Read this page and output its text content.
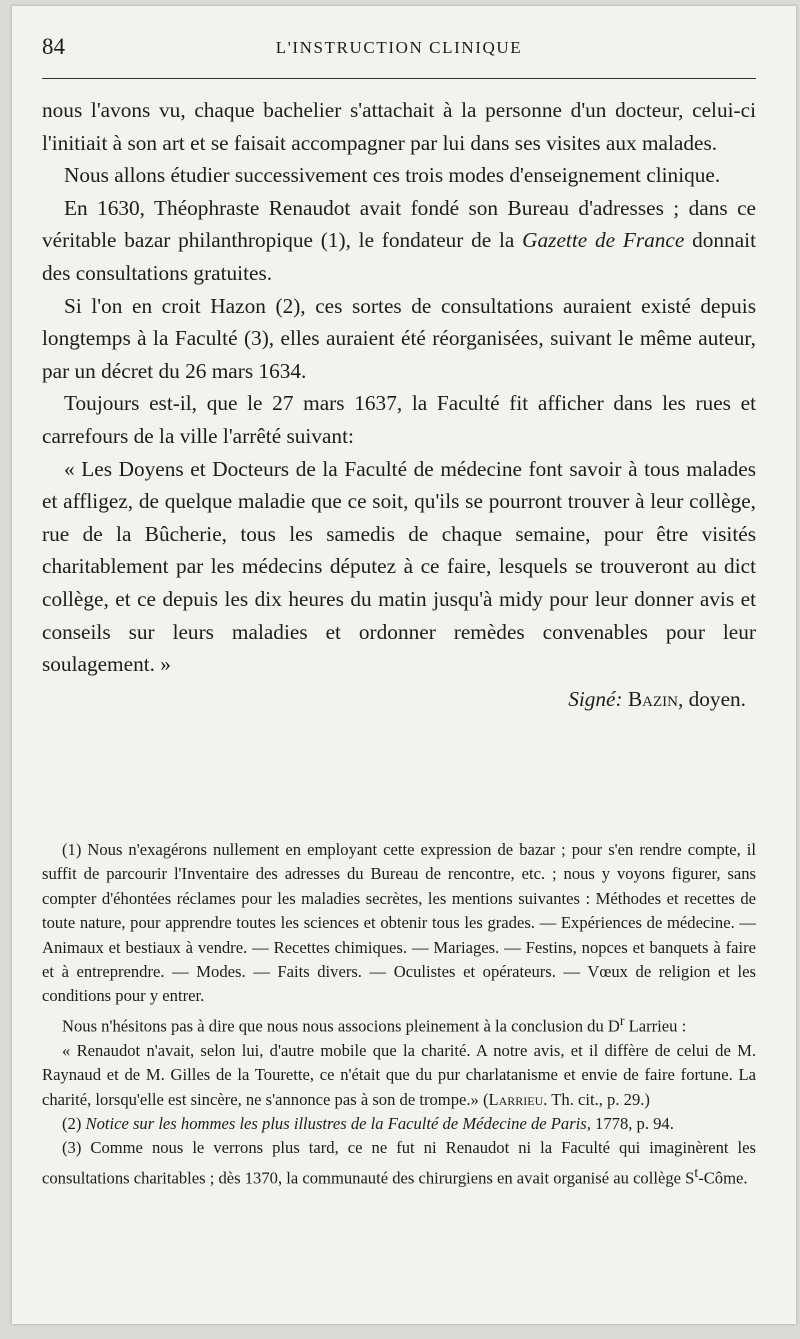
84	L'INSTRUCTION CLINIQUE

nous l'avons vu, chaque bachelier s'attachait à la personne d'un docteur, celui-ci l'initiait à son art et se faisait accompagner par lui dans ses visites aux malades.

Nous allons étudier successivement ces trois modes d'enseignement clinique.

En 1630, Théophraste Renaudot avait fondé son Bureau d'adresses ; dans ce véritable bazar philanthropique (1), le fondateur de la Gazette de France donnait des consultations gratuites.

Si l'on en croit Hazon (2), ces sortes de consultations auraient existé depuis longtemps à la Faculté (3), elles auraient été réorganisées, suivant le même auteur, par un décret du 26 mars 1634.

Toujours est-il, que le 27 mars 1637, la Faculté fit afficher dans les rues et carrefours de la ville l'arrêté suivant:

« Les Doyens et Docteurs de la Faculté de médecine font savoir à tous malades et affligez, de quelque maladie que ce soit, qu'ils se pourront trouver à leur collège, rue de la Bûcherie, tous les samedis de chaque semaine, pour être visités charitablement par les médecins députez à ce faire, lesquels se trouveront au dict collège, et ce depuis les dix heures du matin jusqu'à midy pour leur donner avis et conseils sur leurs maladies et ordonner remèdes convenables pour leur soulagement. »

Signé: Bazin, doyen.

(1) Nous n'exagérons nullement en employant cette expression de bazar ; pour s'en rendre compte, il suffit de parcourir l'Inventaire des adresses du Bureau de rencontre, etc. ; nous y voyons figurer, sans compter d'éhontées réclames pour les maladies secrètes, les mentions suivantes : Méthodes et recettes de toute nature, pour apprendre toutes les sciences et obtenir tous les grades. — Expériences de médecine. — Animaux et bestiaux à vendre. — Recettes chimiques. — Mariages. — Festins, nopces et banquets à faire et à entreprendre. — Modes. — Faits divers. — Oculistes et opérateurs. — Vœux de religion et les conditions pour y entrer.

Nous n'hésitons pas à dire que nous nous associons pleinement à la conclusion du $D^r$ Larrieu :

« Renaudot n'avait, selon lui, d'autre mobile que la charité. A notre avis, et il diffère de celui de M. Raynaud et de M. Gilles de la Tourette, ce n'était que du pur charlatanisme et envie de faire fortune. La charité, lorsqu'elle est sincère, ne s'annonce pas à son de trompe.» (Larrieu. Th. cit., p. 29.)

(2) Notice sur les hommes les plus illustres de la Faculté de Médecine de Paris, 1778, p. 94.

(3) Comme nous le verrons plus tard, ce ne fut ni Renaudot ni la Faculté qui imaginèrent les consultations charitables ; dès 1370, la communauté des chirurgiens en avait organisé au collège $S^t$-Côme.
